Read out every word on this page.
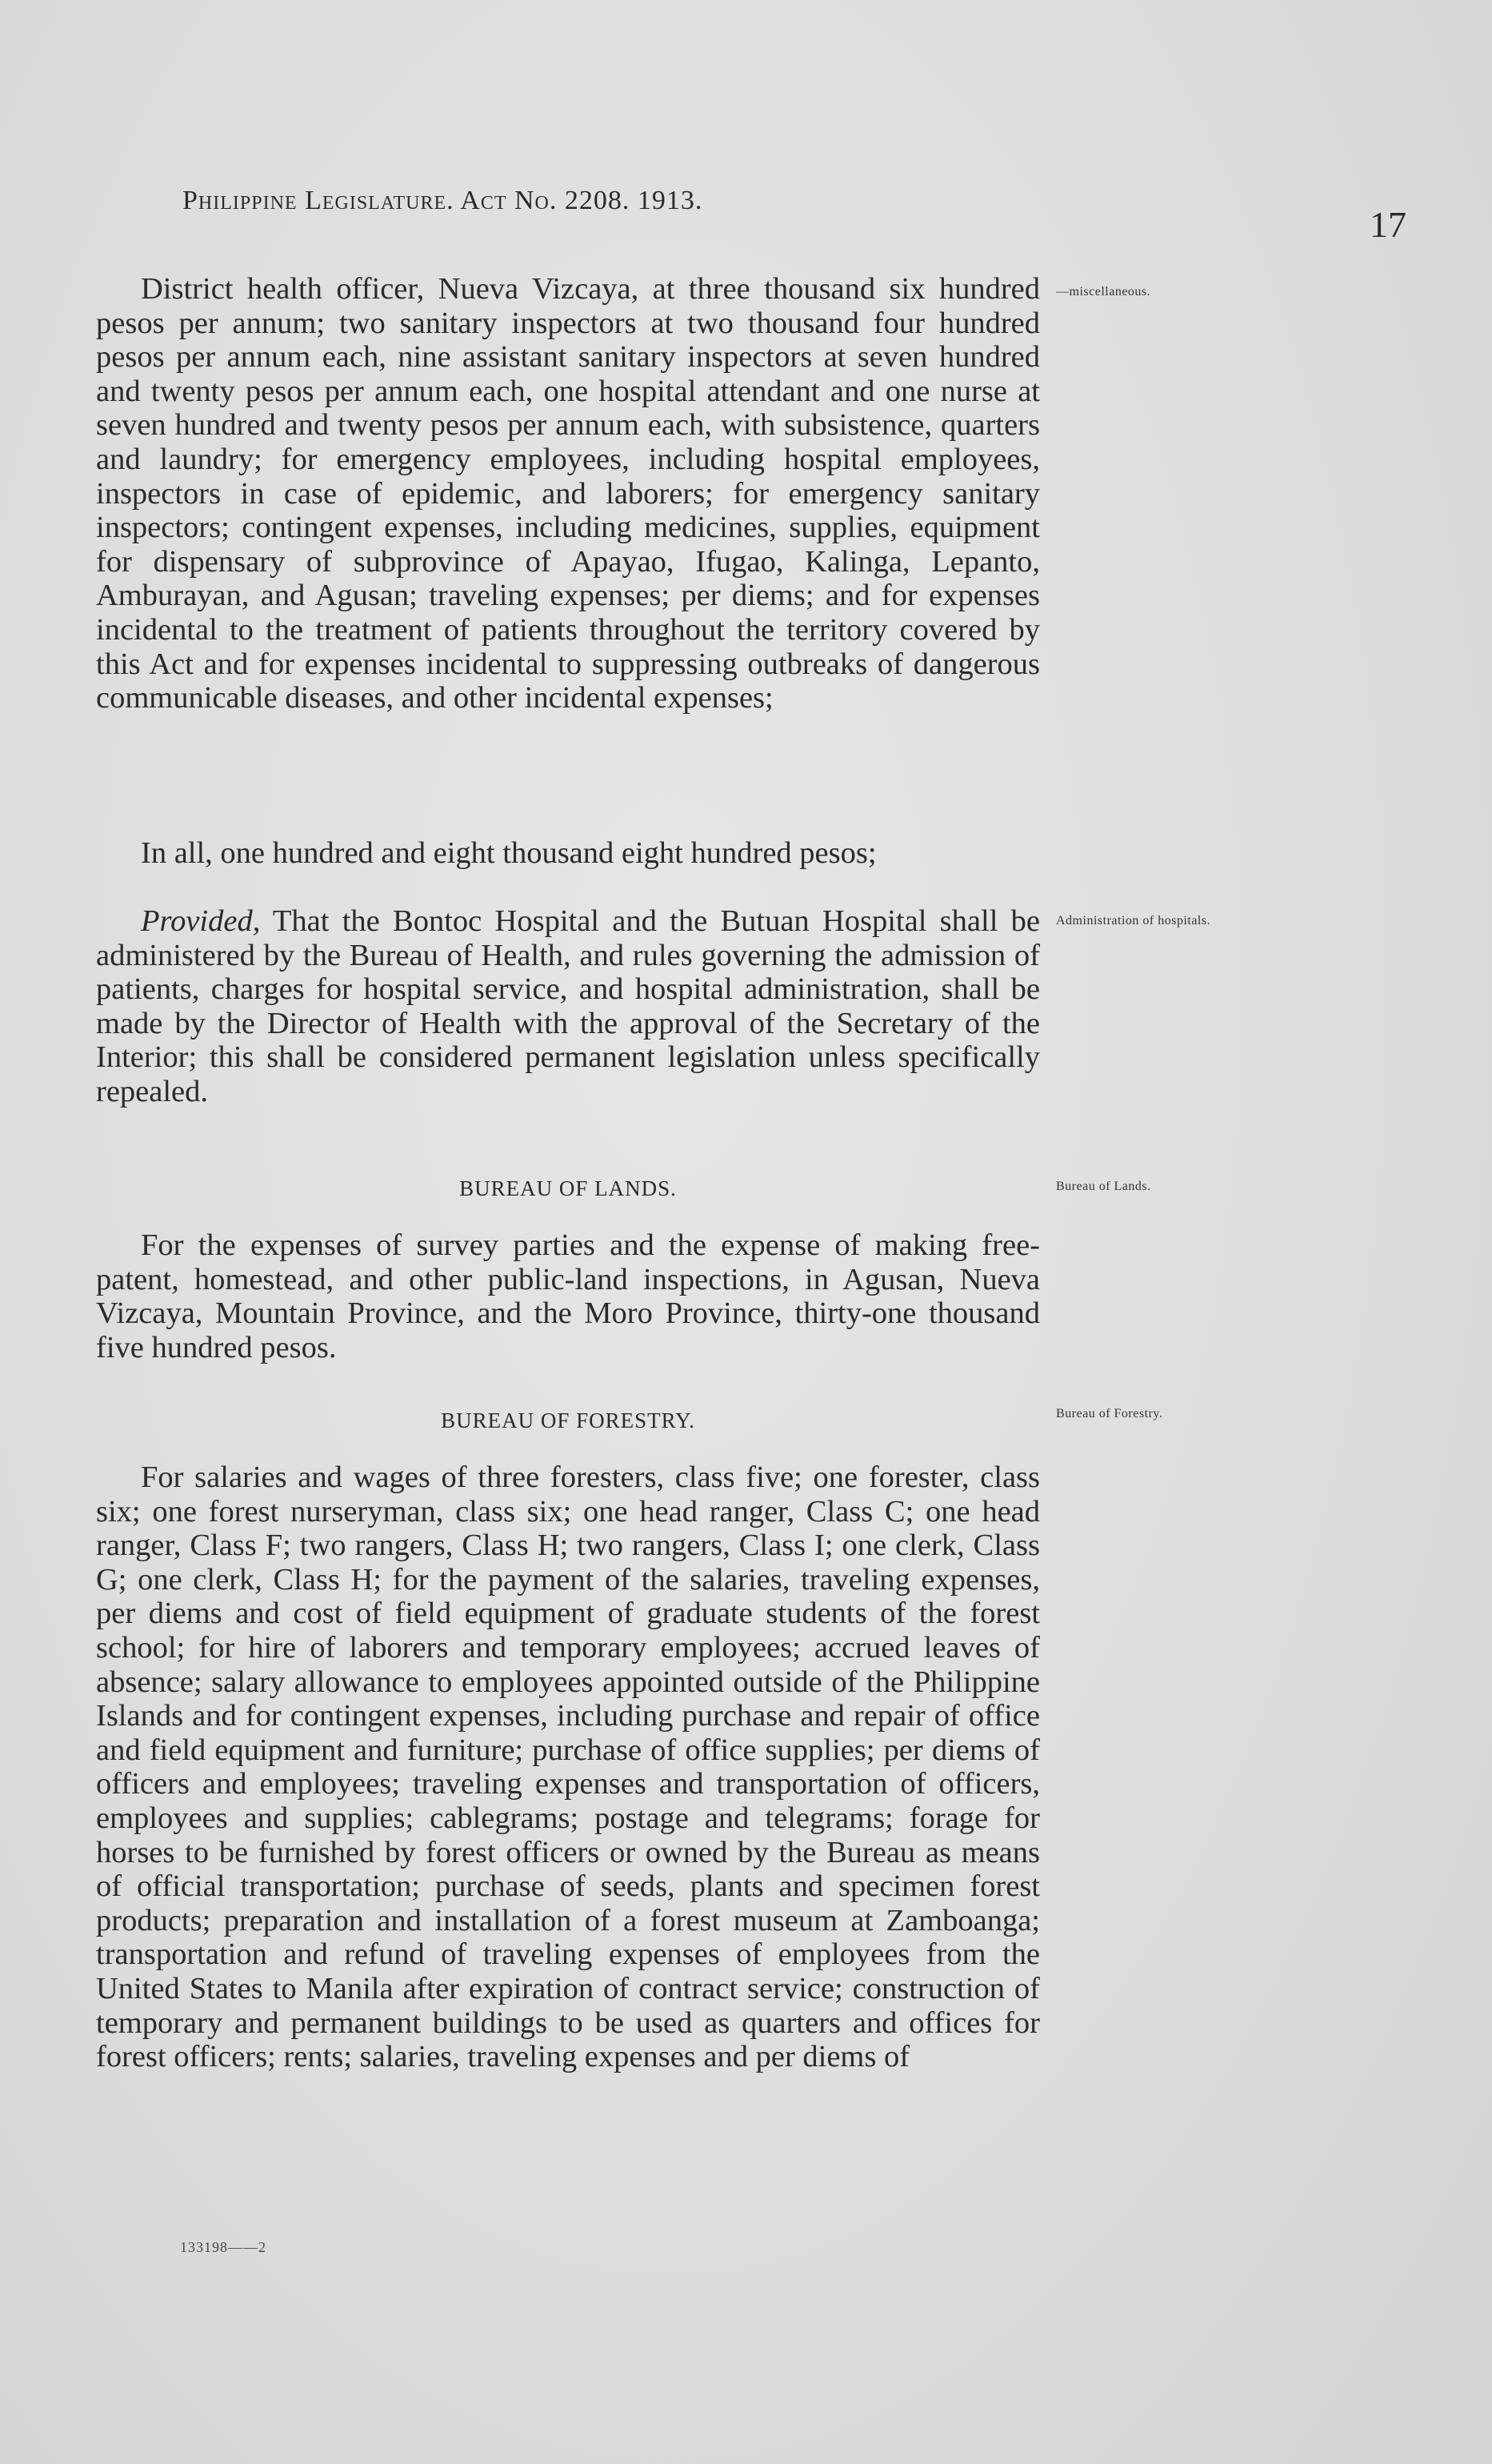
Philippine Legislature. Act No. 2208. 1913.
17

District health officer, Nueva Vizcaya, at three thousand six hundred pesos per annum; two sanitary inspectors at two thousand four hundred pesos per annum each, nine assistant sanitary inspectors at seven hundred and twenty pesos per annum each, one hospital attendant and one nurse at seven hundred and twenty pesos per annum each, with subsistence, quarters and laundry; for emergency employees, including hospital employees, inspectors in case of epidemic, and laborers; for emergency sanitary inspectors; contingent expenses, including medicines, supplies, equipment for dispensary of subprovince of Apayao, Ifugao, Kalinga, Lepanto, Amburayan, and Agusan; traveling expenses; per diems; and for expenses incidental to the treatment of patients throughout the territory covered by this Act and for expenses incidental to suppressing outbreaks of dangerous communicable diseases, and other incidental expenses;

In all, one hundred and eight thousand eight hundred pesos;

Provided, That the Bontoc Hospital and the Butuan Hospital shall be administered by the Bureau of Health, and rules governing the admission of patients, charges for hospital service, and hospital administration, shall be made by the Director of Health with the approval of the Secretary of the Interior; this shall be considered permanent legislation unless specifically repealed.

BUREAU OF LANDS.

For the expenses of survey parties and the expense of making free-patent, homestead, and other public-land inspections, in Agusan, Nueva Vizcaya, Mountain Province, and the Moro Province, thirty-one thousand five hundred pesos.

BUREAU OF FORESTRY.

For salaries and wages of three foresters, class five; one forester, class six; one forest nurseryman, class six; one head ranger, Class C; one head ranger, Class F; two rangers, Class H; two rangers, Class I; one clerk, Class G; one clerk, Class H; for the payment of the salaries, traveling expenses, per diems and cost of field equipment of graduate students of the forest school; for hire of laborers and temporary employees; accrued leaves of absence; salary allowance to employees appointed outside of the Philippine Islands and for contingent expenses, including purchase and repair of office and field equipment and furniture; purchase of office supplies; per diems of officers and employees; traveling expenses and transportation of officers, employees and supplies; cablegrams; postage and telegrams; forage for horses to be furnished by forest officers or owned by the Bureau as means of official transportation; purchase of seeds, plants and specimen forest products; preparation and installation of a forest museum at Zamboanga; transportation and refund of traveling expenses of employees from the United States to Manila after expiration of contract service; construction of temporary and permanent buildings to be used as quarters and offices for forest officers; rents; salaries, traveling expenses and per diems of

—miscellaneous.
Administration of hospitals.
Bureau of Lands.
Bureau of Forestry.
133198——2
